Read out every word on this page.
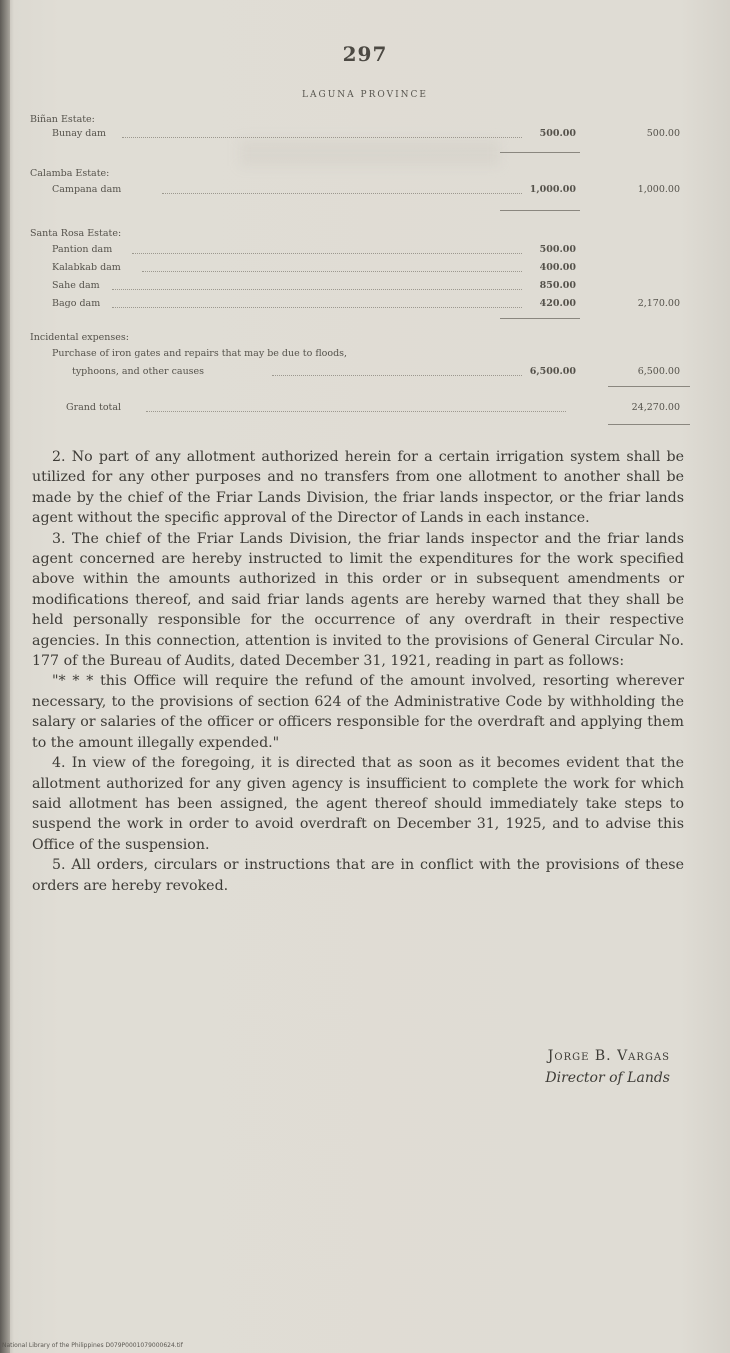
297
LAGUNA PROVINCE
Biñan Estate:
Bunay dam	500.00	500.00
Calamba Estate:
Campana dam	1,000.00	1,000.00
Santa Rosa Estate:
Pantion dam	500.00
Kalabkab dam	400.00
Sahe dam	850.00
Bago dam	420.00	2,170.00
Incidental expenses:
Purchase of iron gates and repairs that may be due to floods,
typhoons, and other causes	6,500.00	6,500.00
Grand total	24,270.00

2. No part of any allotment authorized herein for a certain irrigation system shall be utilized for any other purposes and no transfers from one allotment to another shall be made by the chief of the Friar Lands Division, the friar lands inspector, or the friar lands agent without the specific approval of the Director of Lands in each instance.

3. The chief of the Friar Lands Division, the friar lands inspector and the friar lands agent concerned are hereby instructed to limit the expenditures for the work specified above within the amounts authorized in this order or in subsequent amendments or modifications thereof, and said friar lands agents are hereby warned that they shall be held personally responsible for the occurrence of any overdraft in their respective agencies. In this connection, attention is invited to the provisions of General Circular No. 177 of the Bureau of Audits, dated December 31, 1921, reading in part as follows:

"* * * this Office will require the refund of the amount involved, resorting wherever necessary, to the provisions of section 624 of the Administrative Code by withholding the salary or salaries of the officer or officers responsible for the overdraft and applying them to the amount illegally expended."

4. In view of the foregoing, it is directed that as soon as it becomes evident that the allotment authorized for any given agency is insufficient to complete the work for which said allotment has been assigned, the agent thereof should immediately take steps to suspend the work in order to avoid overdraft on December 31, 1925, and to advise this Office of the suspension.

5. All orders, circulars or instructions that are in conflict with the provisions of these orders are hereby revoked.

Jorge B. Vargas
Director of Lands
National Library of the Philippines D079P0001079000624.tif
